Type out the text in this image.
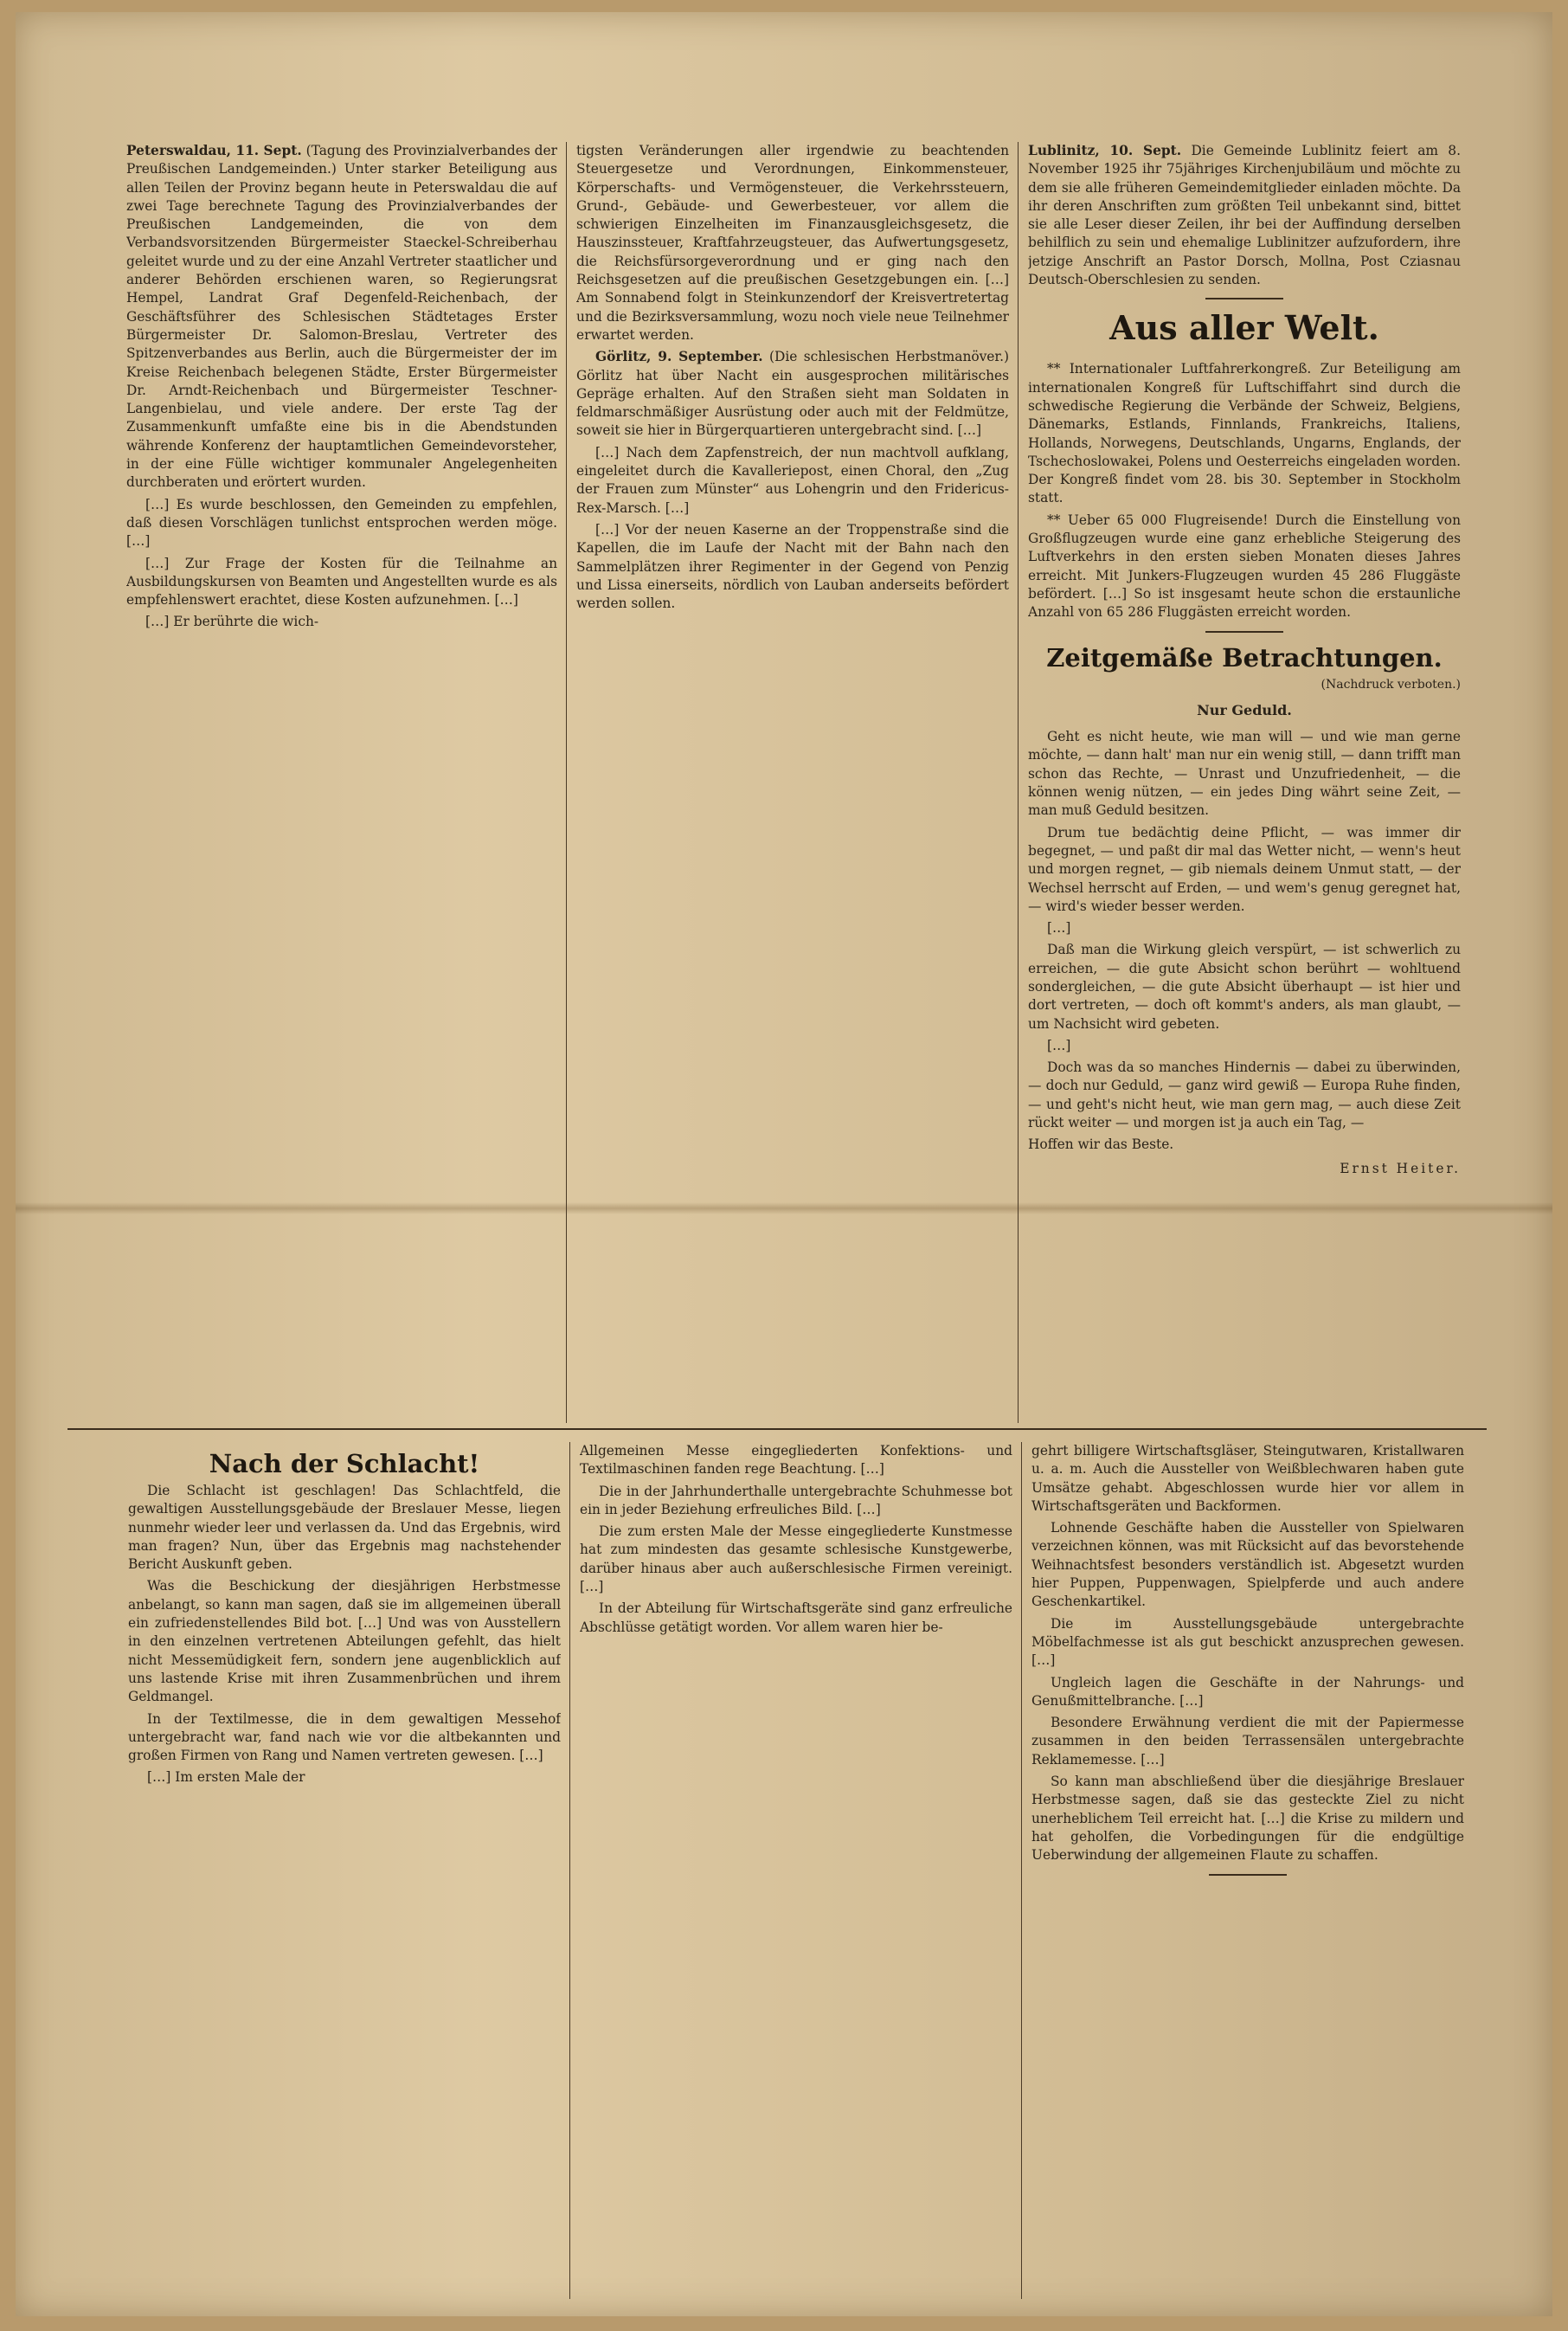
Peterswaldau, 11. Sept. (Tagung des Provinzialverbandes der Preußischen Landgemeinden.) Unter starker Beteiligung aus allen Teilen der Provinz begann heute in Peterswaldau die auf zwei Tage berechnete Tagung des Provinzialverbandes der Preußischen Landgemeinden, die von dem Verbandsvorsitzenden Bürgermeister Staeckel-Schreiberhau geleitet wurde und zu der eine Anzahl Vertreter staatlicher und anderer Behörden erschienen waren, so Regierungsrat Hempel, Landrat Graf Degenfeld-Reichenbach, der Geschäftsführer des Schlesischen Städtetages Erster Bürgermeister Dr. Salomon-Breslau, Vertreter des Spitzenverbandes aus Berlin, auch die Bürgermeister der im Kreise Reichenbach belegenen Städte, Erster Bürgermeister Dr. Arndt-Reichenbach und Bürgermeister Teschner-Langenbielau, und viele andere. Der erste Tag der Zusammenkunft umfaßte eine bis in die Abendstunden währende Konferenz der hauptamtlichen Gemeindevorsteher, in der eine Fülle wichtiger kommunaler Angelegenheiten durchberaten und erörtert wurden.

[…] Es wurde beschlossen, den Gemeinden zu empfehlen, daß diesen Vorschlägen tunlichst entsprochen werden möge. […]

[…] Zur Frage der Kosten für die Teilnahme an Ausbildungskursen von Beamten und Angestellten wurde es als empfehlenswert erachtet, diese Kosten aufzunehmen. […]

[…] Er berührte die wich-

tigsten Veränderungen aller irgendwie zu beachtenden Steuergesetze und Verordnungen, Einkommensteuer, Körperschafts- und Vermögensteuer, die Verkehrssteuern, Grund-, Gebäude- und Gewerbesteuer, vor allem die schwierigen Einzelheiten im Finanzausgleichsgesetz, die Hauszinssteuer, Kraftfahrzeugsteuer, das Aufwertungsgesetz, die Reichsfürsorgeverordnung und er ging nach den Reichsgesetzen auf die preußischen Gesetzgebungen ein. […] Am Sonnabend folgt in Steinkunzendorf der Kreisvertretertag und die Bezirksversammlung, wozu noch viele neue Teilnehmer erwartet werden.

Görlitz, 9. September. (Die schlesischen Herbstmanöver.) Görlitz hat über Nacht ein ausgesprochen militärisches Gepräge erhalten. Auf den Straßen sieht man Soldaten in feldmarschmäßiger Ausrüstung oder auch mit der Feldmütze, soweit sie hier in Bürgerquartieren untergebracht sind. […]

[…] Nach dem Zapfenstreich, der nun machtvoll aufklang, eingeleitet durch die Kavalleriepost, einen Choral, den „Zug der Frauen zum Münster“ aus Lohengrin und den Fridericus-Rex-Marsch. […]

[…] Vor der neuen Kaserne an der Troppenstraße sind die Kapellen, die im Laufe der Nacht mit der Bahn nach den Sammelplätzen ihrer Regimenter in der Gegend von Penzig und Lissa einerseits, nördlich von Lauban anderseits befördert werden sollen.

Lublinitz, 10. Sept. Die Gemeinde Lublinitz feiert am 8. November 1925 ihr 75jähriges Kirchenjubiläum und möchte zu dem sie alle früheren Gemeindemitglieder einladen möchte. Da ihr deren Anschriften zum größten Teil unbekannt sind, bittet sie alle Leser dieser Zeilen, ihr bei der Auffindung derselben behilflich zu sein und ehemalige Lublinitzer aufzufordern, ihre jetzige Anschrift an Pastor Dorsch, Mollna, Post Cziasnau Deutsch-Oberschlesien zu senden.

Aus aller Welt.

** Internationaler Luftfahrerkongreß. Zur Beteiligung am internationalen Kongreß für Luftschiffahrt sind durch die schwedische Regierung die Verbände der Schweiz, Belgiens, Dänemarks, Estlands, Finnlands, Frankreichs, Italiens, Hollands, Norwegens, Deutschlands, Ungarns, Englands, der Tschechoslowakei, Polens und Oesterreichs eingeladen worden. Der Kongreß findet vom 28. bis 30. September in Stockholm statt.

** Ueber 65 000 Flugreisende! Durch die Einstellung von Großflugzeugen wurde eine ganz erhebliche Steigerung des Luftverkehrs in den ersten sieben Monaten dieses Jahres erreicht. Mit Junkers-Flugzeugen wurden 45 286 Fluggäste befördert. […] So ist insgesamt heute schon die erstaunliche Anzahl von 65 286 Fluggästen erreicht worden.

Zeitgemäße Betrachtungen.
(Nachdruck verboten.)
Nur Geduld.

Geht es nicht heute, wie man will — und wie man gerne möchte, — dann halt' man nur ein wenig still, — dann trifft man schon das Rechte, — Unrast und Unzufriedenheit, — die können wenig nützen, — ein jedes Ding währt seine Zeit, — man muß Geduld besitzen.

Drum tue bedächtig deine Pflicht, — was immer dir begegnet, — und paßt dir mal das Wetter nicht, — wenn's heut und morgen regnet, — gib niemals deinem Unmut statt, — der Wechsel herrscht auf Erden, — und wem's genug geregnet hat, — wird's wieder besser werden.

[…]

Daß man die Wirkung gleich verspürt, — ist schwerlich zu erreichen, — die gute Absicht schon berührt — wohltuend sondergleichen, — die gute Absicht überhaupt — ist hier und dort vertreten, — doch oft kommt's anders, als man glaubt, — um Nachsicht wird gebeten.

[…]

Doch was da so manches Hindernis — dabei zu überwinden, — doch nur Geduld, — ganz wird gewiß — Europa Ruhe finden, — und geht's nicht heut, wie man gern mag, — auch diese Zeit rückt weiter — und morgen ist ja auch ein Tag, —

Hoffen wir das Beste.

Ernst Heiter.
Nach der Schlacht!

Die Schlacht ist geschlagen! Das Schlachtfeld, die gewaltigen Ausstellungsgebäude der Breslauer Messe, liegen nunmehr wieder leer und verlassen da. Und das Ergebnis, wird man fragen? Nun, über das Ergebnis mag nachstehender Bericht Auskunft geben.

Was die Beschickung der diesjährigen Herbstmesse anbelangt, so kann man sagen, daß sie im allgemeinen überall ein zufriedenstellendes Bild bot. […] Und was von Ausstellern in den einzelnen vertretenen Abteilungen gefehlt, das hielt nicht Messemüdigkeit fern, sondern jene augenblicklich auf uns lastende Krise mit ihren Zusammenbrüchen und ihrem Geldmangel.

In der Textilmesse, die in dem gewaltigen Messehof untergebracht war, fand nach wie vor die altbekannten und großen Firmen von Rang und Namen vertreten gewesen. […]

[…] Im ersten Male der

Allgemeinen Messe eingegliederten Konfektions- und Textilmaschinen fanden rege Beachtung. […]

Die in der Jahrhunderthalle untergebrachte Schuhmesse bot ein in jeder Beziehung erfreuliches Bild. […]

Die zum ersten Male der Messe eingegliederte Kunstmesse hat zum mindesten das gesamte schlesische Kunstgewerbe, darüber hinaus aber auch außerschlesische Firmen vereinigt. […]

In der Abteilung für Wirtschaftsgeräte sind ganz erfreuliche Abschlüsse getätigt worden. Vor allem waren hier be-

gehrt billigere Wirtschaftsgläser, Steingutwaren, Kristallwaren u. a. m. Auch die Aussteller von Weißblechwaren haben gute Umsätze gehabt. Abgeschlossen wurde hier vor allem in Wirtschaftsgeräten und Backformen.

Lohnende Geschäfte haben die Aussteller von Spielwaren verzeichnen können, was mit Rücksicht auf das bevorstehende Weihnachtsfest besonders verständlich ist. Abgesetzt wurden hier Puppen, Puppenwagen, Spielpferde und auch andere Geschenkartikel.

Die im Ausstellungsgebäude untergebrachte Möbelfachmesse ist als gut beschickt anzusprechen gewesen. […]

Ungleich lagen die Geschäfte in der Nahrungs- und Genußmittelbranche. […]

Besondere Erwähnung verdient die mit der Papiermesse zusammen in den beiden Terrassensälen untergebrachte Reklamemesse. […]

So kann man abschließend über die diesjährige Breslauer Herbstmesse sagen, daß sie das gesteckte Ziel zu nicht unerheblichem Teil erreicht hat. […] die Krise zu mildern und hat geholfen, die Vorbedingungen für die endgültige Ueberwindung der allgemeinen Flaute zu schaffen.
